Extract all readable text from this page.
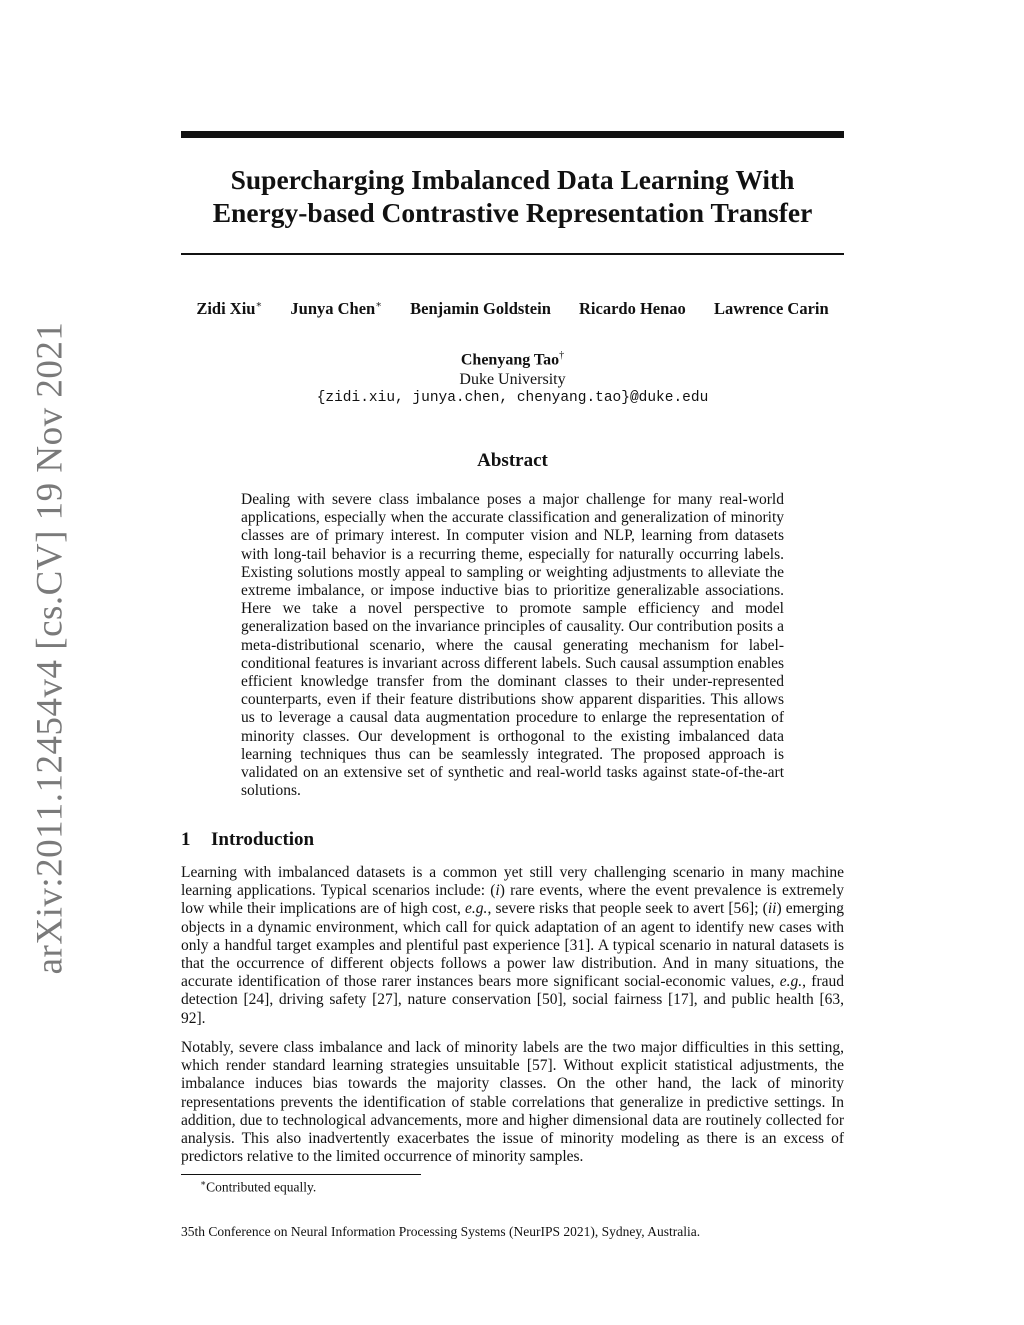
arXiv:2011.12454v4 [cs.CV] 19 Nov 2021
Supercharging Imbalanced Data Learning With
Energy-based Contrastive Representation Transfer
Zidi Xiu∗ Junya Chen∗ Benjamin Goldstein Ricardo Henao Lawrence Carin
Chenyang Tao†
Duke University
{zidi.xiu, junya.chen, chenyang.tao}@duke.edu
Abstract
Dealing with severe class imbalance poses a major challenge for many real-world applications, especially when the accurate classification and generalization of minority classes are of primary interest. In computer vision and NLP, learning from datasets with long-tail behavior is a recurring theme, especially for naturally occurring labels. Existing solutions mostly appeal to sampling or weighting adjustments to alleviate the extreme imbalance, or impose inductive bias to prioritize generalizable associations. Here we take a novel perspective to promote sample efficiency and model generalization based on the invariance principles of causality. Our contribution posits a meta-distributional scenario, where the causal generating mechanism for label-conditional features is invariant across different labels. Such causal assumption enables efficient knowledge transfer from the dominant classes to their under-represented counterparts, even if their feature distributions show apparent disparities. This allows us to leverage a causal data augmentation procedure to enlarge the representation of minority classes. Our development is orthogonal to the existing imbalanced data learning techniques thus can be seamlessly integrated. The proposed approach is validated on an extensive set of synthetic and real-world tasks against state-of-the-art solutions.
1 Introduction
Learning with imbalanced datasets is a common yet still very challenging scenario in many machine learning applications. Typical scenarios include: (i) rare events, where the event prevalence is extremely low while their implications are of high cost, e.g., severe risks that people seek to avert [56]; (ii) emerging objects in a dynamic environment, which call for quick adaptation of an agent to identify new cases with only a handful target examples and plentiful past experience [31]. A typical scenario in natural datasets is that the occurrence of different objects follows a power law distribution. And in many situations, the accurate identification of those rarer instances bears more significant social-economic values, e.g., fraud detection [24], driving safety [27], nature conservation [50], social fairness [17], and public health [63, 92].
Notably, severe class imbalance and lack of minority labels are the two major difficulties in this setting, which render standard learning strategies unsuitable [57]. Without explicit statistical adjustments, the imbalance induces bias towards the majority classes. On the other hand, the lack of minority representations prevents the identification of stable correlations that generalize in predictive settings. In addition, due to technological advancements, more and higher dimensional data are routinely collected for analysis. This also inadvertently exacerbates the issue of minority modeling as there is an excess of predictors relative to the limited occurrence of minority samples.
∗Contributed equally.
35th Conference on Neural Information Processing Systems (NeurIPS 2021), Sydney, Australia.
